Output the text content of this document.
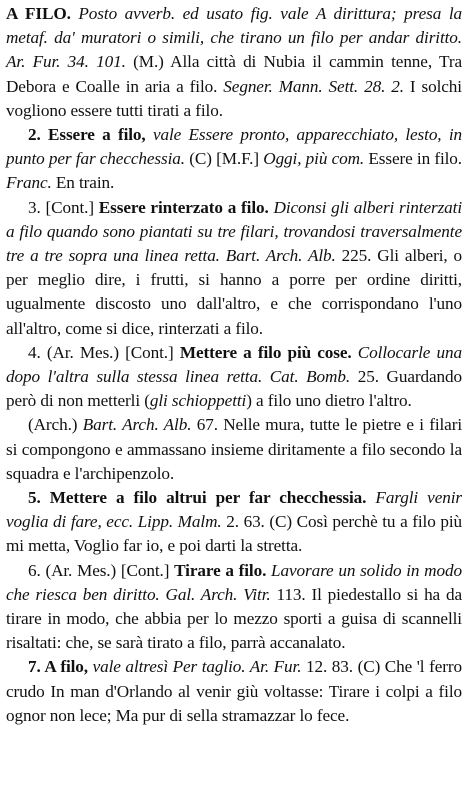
A FILO. Posto avverb. ed usato fig. vale A dirittura; presa la metaf. da' muratori o simili, che tirano un filo per andar diritto. Ar. Fur. 34. 101. (M.) Alla città di Nubia il cammin tenne, Tra Debora e Coalle in aria a filo. Segner. Mann. Sett. 28. 2. I solchi vogliono essere tutti tirati a filo.

2. Essere a filo, vale Essere pronto, apparecchiato, lesto, in punto per far checchessia. (C) [M.F.] Oggi, più com. Essere in filo. Franc. En train.

3. [Cont.] Essere rinterzato a filo. Diconsi gli alberi rinterzati a filo quando sono piantati su tre filari, trovandosi traversalmente tre a tre sopra una linea retta. Bart. Arch. Alb. 225. Gli alberi, o per meglio dire, i frutti, si hanno a porre per ordine diritti, ugualmente discosto uno dall'altro, e che corrispondano l'uno all'altro, come si dice, rinterzati a filo.

4. (Ar. Mes.) [Cont.] Mettere a filo più cose. Collocarle una dopo l'altra sulla stessa linea retta. Cat. Bomb. 25. Guardando però di non metterli (gli schioppetti) a filo uno dietro l'altro.

(Arch.) Bart. Arch. Alb. 67. Nelle mura, tutte le pietre e i filari si compongono e ammassano insieme diritamente a filo secondo la squadra e l'archipenzolo.

5. Mettere a filo altrui per far checchessia. Fargli venir voglia di fare, ecc. Lipp. Malm. 2. 63. (C) Così perchè tu a filo più mi metta, Voglio far io, e poi darti la stretta.

6. (Ar. Mes.) [Cont.] Tirare a filo. Lavorare un solido in modo che riesca ben diritto. Gal. Arch. Vitr. 113. Il piedestallo si ha da tirare in modo, che abbia per lo mezzo sporti a guisa di scannelli risaltati: che, se sarà tirato a filo, parrà accanalato.

7. A filo, vale altresì Per taglio. Ar. Fur. 12. 83. (C) Che 'l ferro crudo In man d'Orlando al venir giù voltasse: Tirare i colpi a filo ognor non lece; Ma pur di sella stramazzar lo fece.
